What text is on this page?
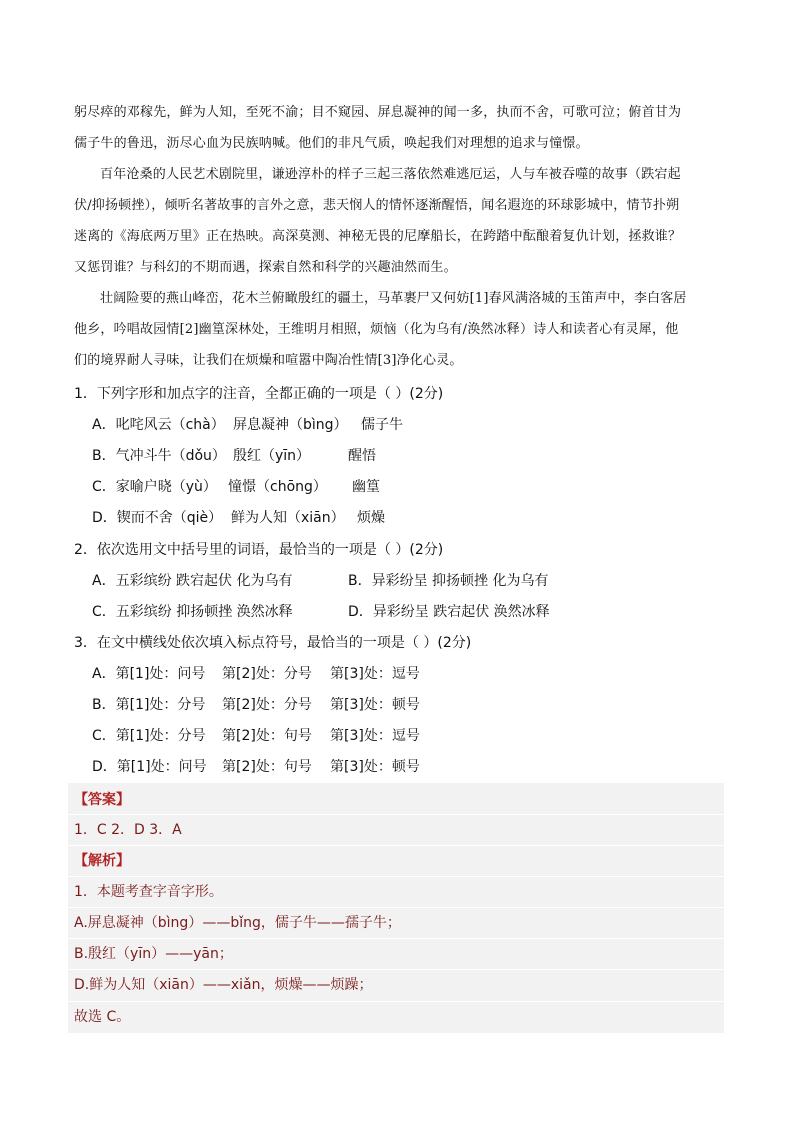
躬尽瘁的邓稼先，鲜为人知，至死不渝；目不窥园、屏息凝神的闻一多，执而不舍，可歌可泣；俯首甘为

儒子牛的鲁迅，沥尽心血为民族呐喊。他们的非凡气质，唤起我们对理想的追求与憧憬。

百年沧桑的人民艺术剧院里，谦逊淳朴的样子三起三落依然难逃厄运，人与车被吞噬的故事（跌宕起

伏/抑扬顿挫），倾听名著故事的言外之意，悲天悯人的情怀逐渐醒悟，闻名遐迩的环球影城中，情节扑朔

迷离的《海底两万里》正在热映。高深莫测、神秘无畏的尼摩船长，在跨踏中酝酿着复仇计划，拯救谁？

又惩罚谁？与科幻的不期而遇，探索自然和科学的兴趣油然而生。

壮阔险要的燕山峰峦，花木兰俯瞰殷红的疆土，马革裹尸又何妨[1]春风满洛城的玉笛声中，李白客居

他乡，吟唱故园情[2]幽篁深林处，王维明月相照，烦恼（化为乌有/涣然冰释）诗人和读者心有灵犀，他

们的境界耐人寻味，让我们在烦燥和喧嚣中陶冶性情[3]净化心灵。

1．下列字形和加点字的注音，全都正确的一项是（ ）(2分)
A．叱咤风云（chà） 屏息凝神（bìng） 儒子牛
B．气冲斗牛（dǒu） 殷红（yīn）	醒悟
C．家喻户晓（yù） 憧憬（chōng） 幽篁
D．锲而不舍（qiè） 鲜为人知（xiān） 烦燥
2．依次选用文中括号里的词语，最恰当的一项是（ ）(2分)
A．五彩缤纷 跌宕起伏 化为乌有	B．异彩纷呈 抑扬顿挫 化为乌有
C．五彩缤纷 抑扬顿挫 涣然冰释	D．异彩纷呈 跌宕起伏 涣然冰释
3．在文中横线处依次填入标点符号，最恰当的一项是（ ）(2分)
A．第[1]处：问号 第[2]处：分号 第[3]处：逗号
B．第[1]处：分号 第[2]处：分号 第[3]处：顿号
C．第[1]处：分号 第[2]处：句号 第[3]处：逗号
D．第[1]处：问号 第[2]处：句号 第[3]处：顿号
【答案】
1．C 2．D 3．A
【解析】
1．本题考查字音字形。
A.屏息凝神（bìng）——bǐng，儒子牛——孺子牛；
B.殷红（yīn）——yān；
D.鲜为人知（xiān）——xiǎn，烦燥——烦躁；
故选 C。
